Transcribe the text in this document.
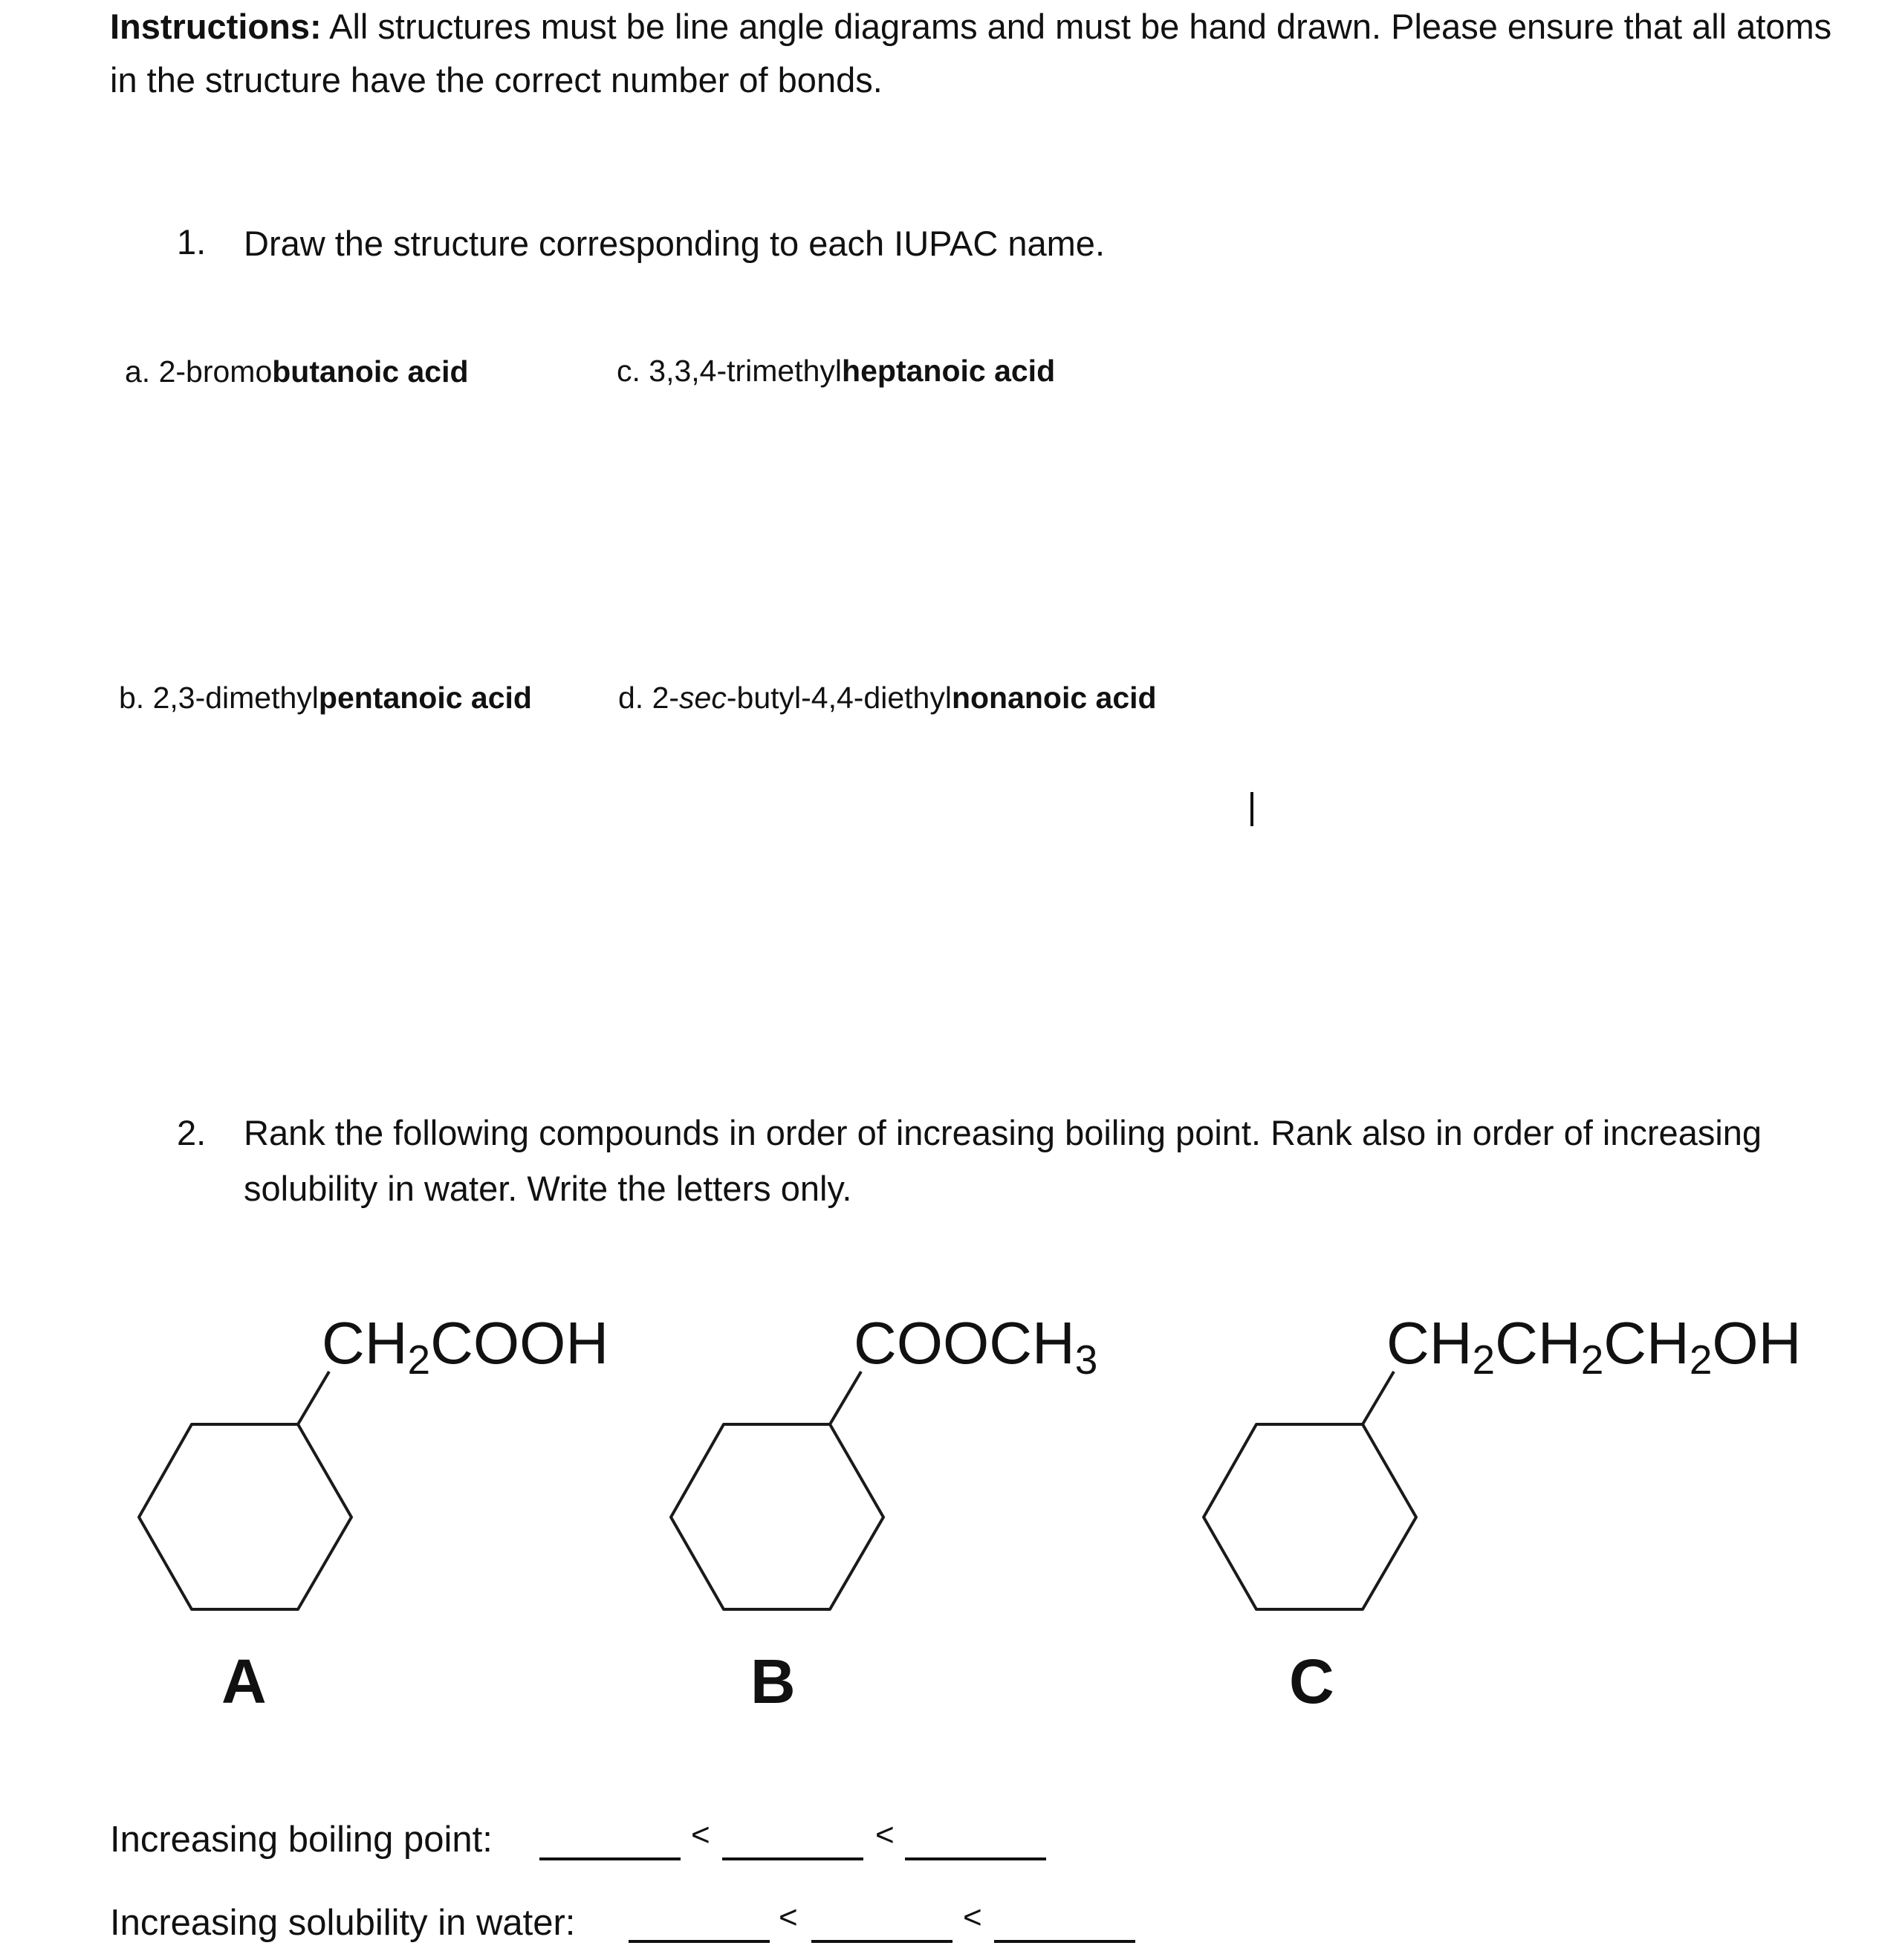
Instructions: All structures must be line angle diagrams and must be hand drawn. Please ensure that all atoms in the structure have the correct number of bonds.
1. Draw the structure corresponding to each IUPAC name.
a. 2-bromobutanoic acid
b. 2,3-dimethylpentanoic acid
c. 3,3,4-trimethylheptanoic acid
d. 2-sec-butyl-4,4-diethylnonanoic acid
2. Rank the following compounds in order of increasing boiling point. Rank also in order of increasing solubility in water. Write the letters only.
$CH_2COOH$	$COOCH_3$	$CH_2CH_2CH_2OH$
A	B	C
Increasing boiling point:	<	<
Increasing solubility in water:	<	<
